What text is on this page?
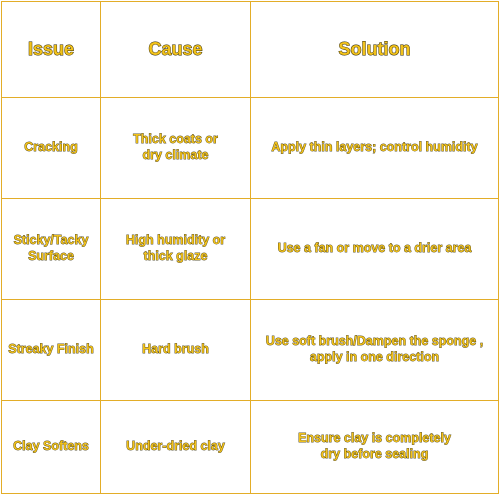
Issue	Cause	Solution
Cracking	Thick coats or dry climate	Apply thin layers; control humidity
Sticky/Tacky Surface	High humidity or thick glaze	Use a fan or move to a drier area
Streaky Finish	Hard brush	Use soft brush/Dampen the sponge , apply in one direction
Clay Softens	Under-dried clay	Ensure clay is completely dry before sealing
